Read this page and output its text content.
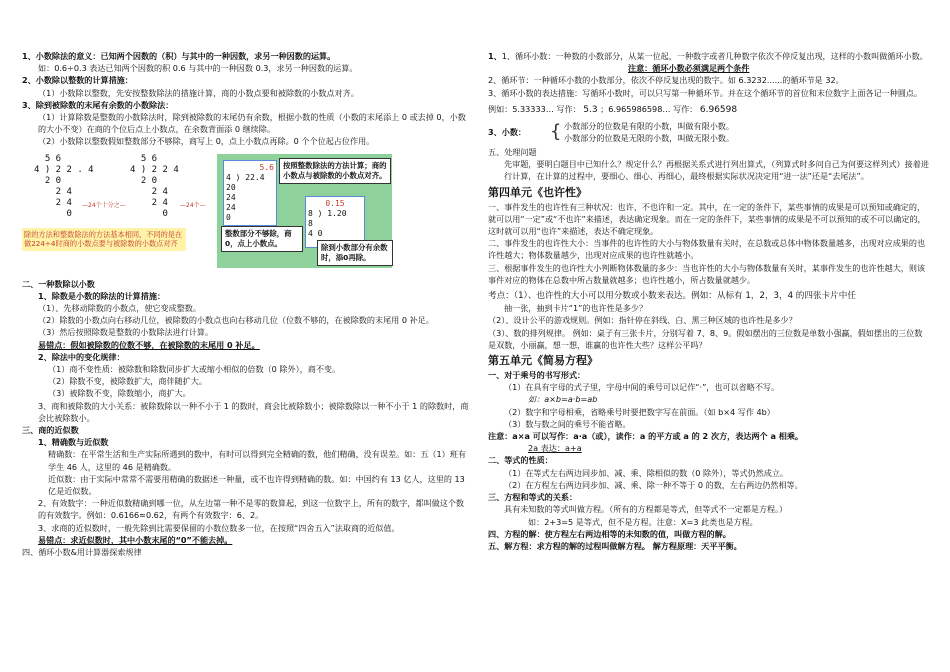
1、小数除法的意义：已知两个因数的（积）与其中的一种因数，求另一种因数的运算。

如：0.6÷0.3 表达已知两个因数的积 0.6 与其中的一种因数 0.3，求另一种因数的运算。

2、小数除以整数的计算措施：

（1）小数除以整数，先安按整数除法的措施计算，商的小数点要和被除数的小数点对齐。

3、除到被除数的末尾有余数的小数除法：

（1）计算除数是整数的小数除法时，除到被除数的末尾仍有余数，根据小数的性质（小数的末尾添上 0 或去掉 0，小数的大小不变）在商的个位后点上小数点，在余数背面添 0 继续除。

（2）小数除以整数假如整数部分不够除，商写上 0，点上小数点再除。0 个个位起占位作用。

5 6
4 ) 2 2 . 4
2 0
2 4
2 4
0
—24个十分之—
5 6
4 ) 2 2 4
2 0
2 4
2 4
0
—24个—
除的方法和整数除法的方法基本相同，不同的是在做224÷4时商的小数点要与被除数的小数点对齐
5.6
4 ) 22.4
20
24
24
0
按照整数除法的方法计算；商的小数点与被除数的小数点对齐。
0.15
8 ) 1.20
8
4 0
整数部分不够除，商0，点上小数点。	除到小数部分有余数时，添0再除。

二、一种数除以小数

1、除数是小数的除法的计算措施：

（1）、先移动除数的小数点，使它变成整数。

（2）除数的小数点向右移动几位，被除数的小数点也向右移动几位（位数不够的，在被除数的末尾用 0 补足。

（3）然后按照除数是整数的小数除法进行计算。

易错点：假如被除数的位数不够，在被除数的末尾用 0 补足。

2、除法中的变化规律：

（1）商不变性质：被除数和除数同步扩大或缩小相似的倍数（0 除外），商不变。

（2）除数不变，被除数扩大，商伴随扩大。

（3）被除数不变，除数缩小，商扩大。

3、商和被除数的大小关系：被除数除以一种不小于 1 的数时，商会比被除数小；被除数除以一种不小于 1 的除数时，商会比被除数小。

三、商的近似数

1、精确数与近似数

精确数：在平常生活和生产实际所遇到的数中，有时可以得到完全精确的数，他们精确，没有误差。如：五（1）班有学生 46 人，这里的 46 是精确数。

近似数：由于实际中常常不需要用精确的数据述一种量，或不也许得到精确的数。如：中国约有 13 亿人，这里的 13 亿是近似数。

2、有效数字：一种近似数精确到哪一位，从左边第一种不是零的数算起，到这一位数字上，所有的数字，都叫做这个数的有效数字。例如：0.6166≈0.62，有两个有效数字：6、2。

3、求商的近似数时，一般先除到比需要保留的小数位数多一位，在按照“四舍五入”法取商的近似值。

易错点：求近似数时，其中小数末尾的“0”不能去掉。

四、循环小数&用计算器探索规律

1、1、循环小数：一种数的小数部分，从某一位起，一种数字或者几种数字依次不停反复出现，这样的小数叫做循环小数。

注意：循环小数必须满足两个条件

2、循环节：一种循环小数的小数部分，依次不停反复出现的数字。如 6.3232......的循环节是 32。

3、循环小数的表达措施：写循环小数时，可以只写第一种循环节。并在这个循环节的首位和末位数字上面各记一种圆点。

例如：5.33333… 写作： 5.3 ；6.965986598… 写作： 6.96598

3、小数： { 小数部分的位数是有限的小数，叫做有限小数。
小数部分的位数是无限的小数，叫做无限小数。

五、处理问题

先审题，要明白题目中已知什么？规定什么？再根据关系式进行列出算式，（列算式时多问自己为何要这样列式）接着进行计算，在计算的过程中，要细心、细心、再细心，最终根据实际状况决定用“进一法”还是“去尾法”。

第四单元《也许性》

一、事件发生的也许性有三种状况：也许、不也许和一定。其中，在一定的条件下，某些事情的成果是可以预知或确定的，就可以用“一定”或“不也许”来描述，表达确定现象。而在一定的条件下，某些事情的成果是不可以预知的或不可以确定的，这时就可以用“也许”来描述，表达不确定现象。

二、事件发生的也许性大小：当事件的也许性的大小与物体数量有关时，在总数或总体中物体数量越多，出现对应成果的也许性越大；物体数量越少，出现对应成果的也许性就越小。

三、根据事件发生的也许性大小判断物体数量的多少：当也许性的大小与物体数量有关时，某事件发生的也许性越大，则该事件对应的物体在总数中所占数量就越多；也许性越小，所占数量就越少。

考点：（1）、也许性的大小可以用分数或小数来表达。例如：从标有 1，2，3，4 的四张卡片中任

抽一张，抽到卡片“1”的也许性是多少？

（2）、设计公平的游戏规则。例如：指针停在斜线、白、黑三种区域的也许性是多少？

（3）、数的排列规律。 例如：桌子有三张卡片，分别写着 7、8、9。假如摆出的三位数是单数小强赢，假如摆出的三位数是双数，小丽赢，想一想，谁赢的也许性大些？这样公平吗？

第五单元《简易方程》

一、对于乘号的书写形式：

（1）在具有字母的式子里，字母中间的乘号可以记作“·”，也可以省略不写。

如：a×b=a·b=ab

（2）数字和字母相乘，省略乘号时要把数字写在前面。（如 b×4 写作 4b）

（3）数与数之间的乘号不能省略。

注意：a×a 可以写作：a·a（或），读作：a 的平方或 a 的 2 次方，表达两个 a 相乘。

2a 表达：a+a

二、等式的性质：

（1）在等式左右两边同步加、减、乘、除相似的数（0 除外），等式仍然成立。

（2）在方程左右两边同步加、减、乘、除一种不等于 0 的数，左右两边仍然相等。

三、方程和等式的关系：

具有未知数的等式叫做方程。（所有的方程都是等式，但等式不一定都是方程。）

如：2+3=5 是等式，但不是方程。注意：X=3 此类也是方程。

四、方程的解：使方程左右两边相等的未知数的值，叫做方程的解。

五、解方程：求方程的解的过程叫做解方程。 解方程原理：天平平衡。
